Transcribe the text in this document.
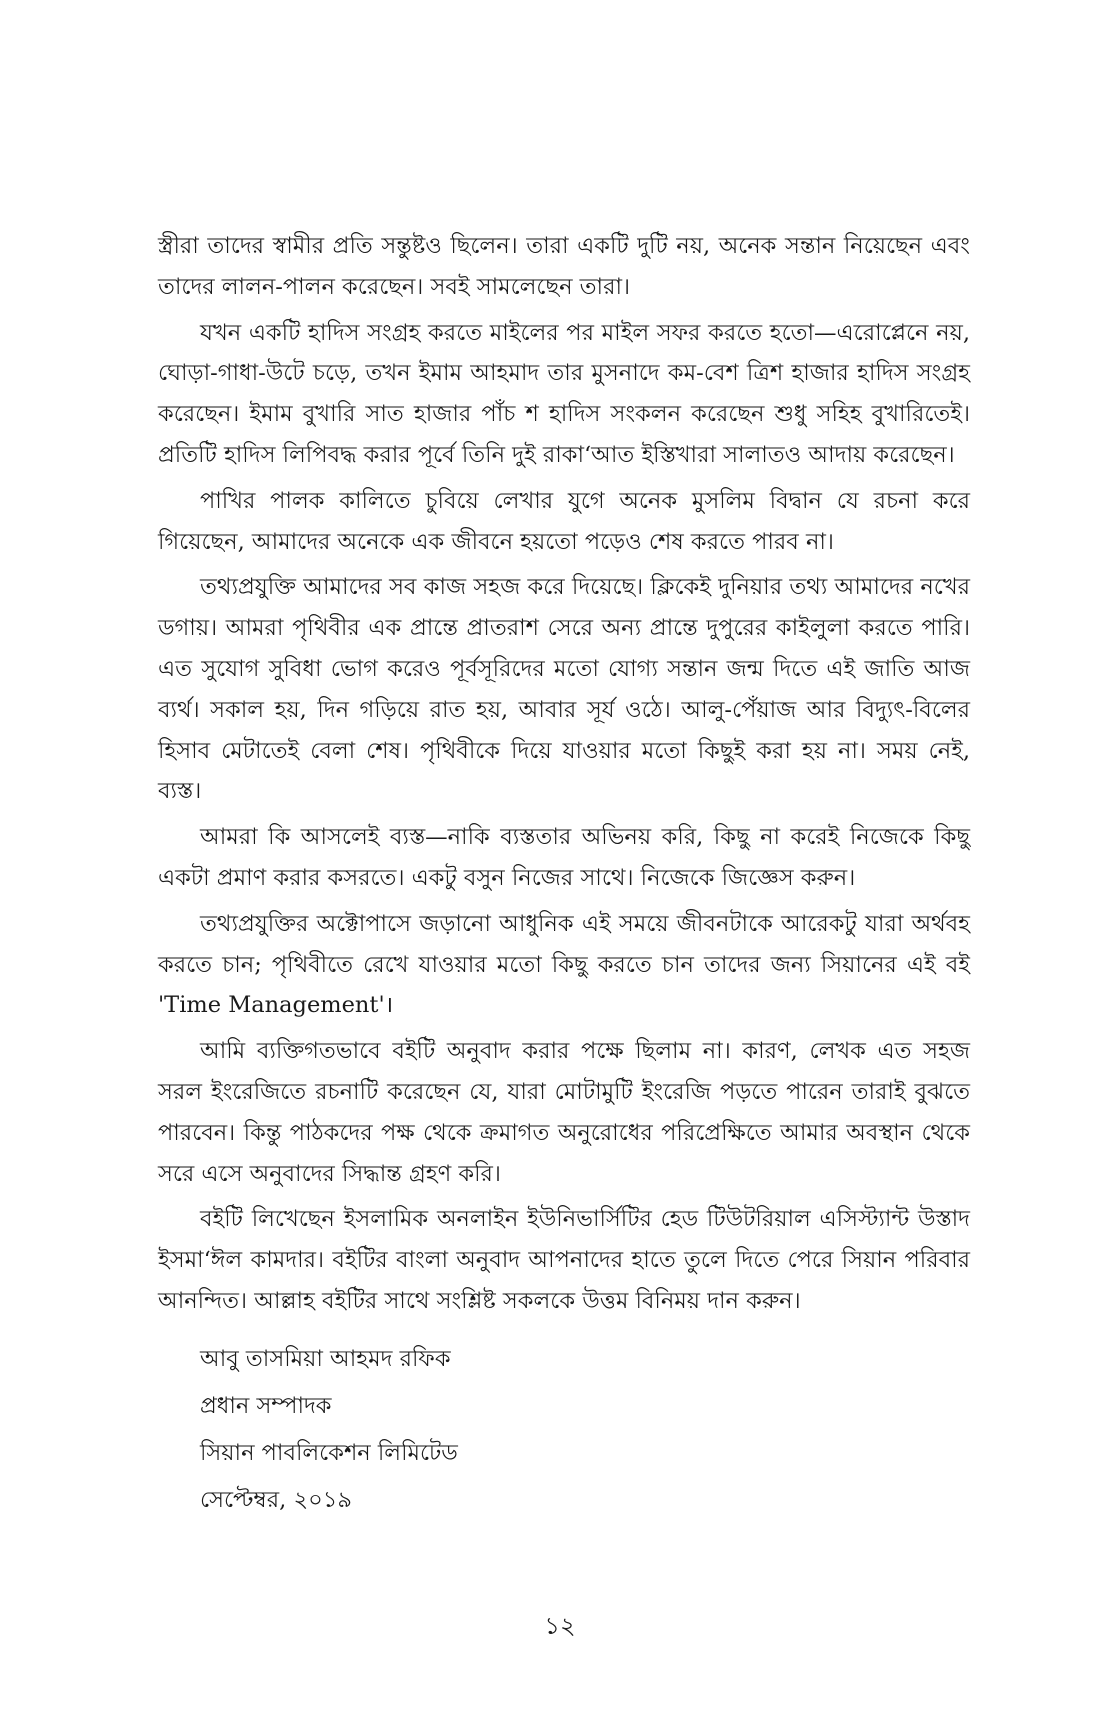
স্ত্রীরা তাদের স্বামীর প্রতি সন্তুষ্টও ছিলেন। তারা একটি দুটি নয়, অনেক সন্তান নিয়েছেন এবং তাদের লালন-পালন করেছেন। সবই সামলেছেন তারা।

যখন একটি হাদিস সংগ্রহ করতে মাইলের পর মাইল সফর করতে হতো—এরোপ্লেনে নয়, ঘোড়া-গাধা-উটে চড়ে, তখন ইমাম আহমাদ তার মুসনাদে কম-বেশ ত্রিশ হাজার হাদিস সংগ্রহ করেছেন। ইমাম বুখারি সাত হাজার পাঁচ শ হাদিস সংকলন করেছেন শুধু সহিহ বুখারিতেই। প্রতিটি হাদিস লিপিবদ্ধ করার পূর্বে তিনি দুই রাকা‘আত ইস্তিখারা সালাতও আদায় করেছেন।

পাখির পালক কালিতে চুবিয়ে লেখার যুগে অনেক মুসলিম বিদ্বান যে রচনা করে গিয়েছেন, আমাদের অনেকে এক জীবনে হয়তো পড়েও শেষ করতে পারব না।

তথ্যপ্রযুক্তি আমাদের সব কাজ সহজ করে দিয়েছে। ক্লিকেই দুনিয়ার তথ্য আমাদের নখের ডগায়। আমরা পৃথিবীর এক প্রান্তে প্রাতরাশ সেরে অন্য প্রান্তে দুপুরের কাইলুলা করতে পারি। এত সুযোগ সুবিধা ভোগ করেও পূর্বসূরিদের মতো যোগ্য সন্তান জন্ম দিতে এই জাতি আজ ব্যর্থ। সকাল হয়, দিন গড়িয়ে রাত হয়, আবার সূর্য ওঠে। আলু-পেঁয়াজ আর বিদ্যুৎ-বিলের হিসাব মেটাতেই বেলা শেষ। পৃথিবীকে দিয়ে যাওয়ার মতো কিছুই করা হয় না। সময় নেই, ব্যস্ত।

আমরা কি আসলেই ব্যস্ত—নাকি ব্যস্ততার অভিনয় করি, কিছু না করেই নিজেকে কিছু একটা প্রমাণ করার কসরতে। একটু বসুন নিজের সাথে। নিজেকে জিজ্ঞেস করুন।

তথ্যপ্রযুক্তির অক্টোপাসে জড়ানো আধুনিক এই সময়ে জীবনটাকে আরেকটু যারা অর্থবহ করতে চান; পৃথিবীতে রেখে যাওয়ার মতো কিছু করতে চান তাদের জন্য সিয়ানের এই বই 'Time Management'।

আমি ব্যক্তিগতভাবে বইটি অনুবাদ করার পক্ষে ছিলাম না। কারণ, লেখক এত সহজ সরল ইংরেজিতে রচনাটি করেছেন যে, যারা মোটামুটি ইংরেজি পড়তে পারেন তারাই বুঝতে পারবেন। কিন্তু পাঠকদের পক্ষ থেকে ক্রমাগত অনুরোধের পরিপ্রেক্ষিতে আমার অবস্থান থেকে সরে এসে অনুবাদের সিদ্ধান্ত গ্রহণ করি।

বইটি লিখেছেন ইসলামিক অনলাইন ইউনিভার্সিটির হেড টিউটরিয়াল এসিস্ট্যান্ট উস্তাদ ইসমা‘ঈল কামদার। বইটির বাংলা অনুবাদ আপনাদের হাতে তুলে দিতে পেরে সিয়ান পরিবার আনন্দিত। আল্লাহ বইটির সাথে সংশ্লিষ্ট সকলকে উত্তম বিনিময় দান করুন।

আবু তাসমিয়া আহমদ রফিক
প্রধান সম্পাদক
সিয়ান পাবলিকেশন লিমিটেড
সেপ্টেম্বর, ২০১৯
১২
